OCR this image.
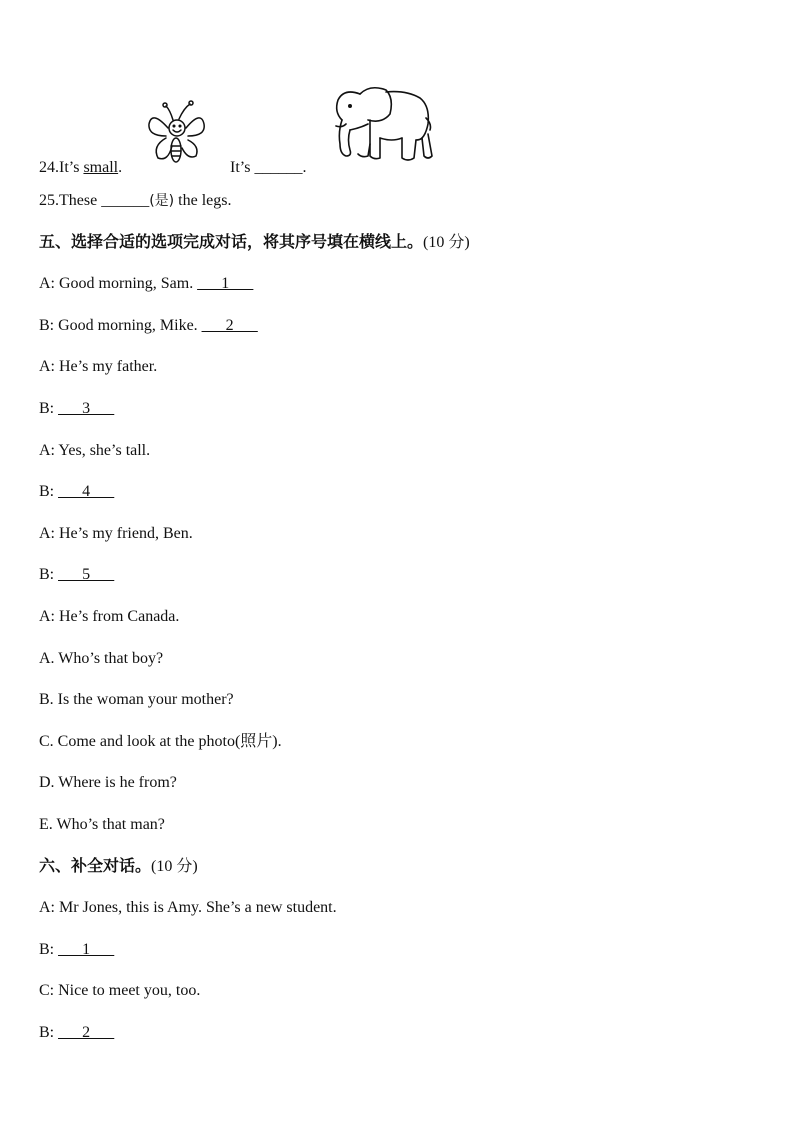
24.It’s small.	It’s ______.
25.These ______(是) the legs.
五、选择合适的选项完成对话，将其序号填在横线上。(10 分)
A: Good morning, Sam. ___1___
B: Good morning, Mike. ___2___
A: He’s my father.
B: ___3___
A: Yes, she’s tall.
B: ___4___
A: He’s my friend, Ben.
B: ___5___
A: He’s from Canada.
A. Who’s that boy?
B. Is the woman your mother?
C. Come and look at the photo(照片).
D. Where is he from?
E. Who’s that man?
六、补全对话。(10 分)
A: Mr Jones, this is Amy. She’s a new student.
B: ___1___
C: Nice to meet you, too.
B: ___2___
